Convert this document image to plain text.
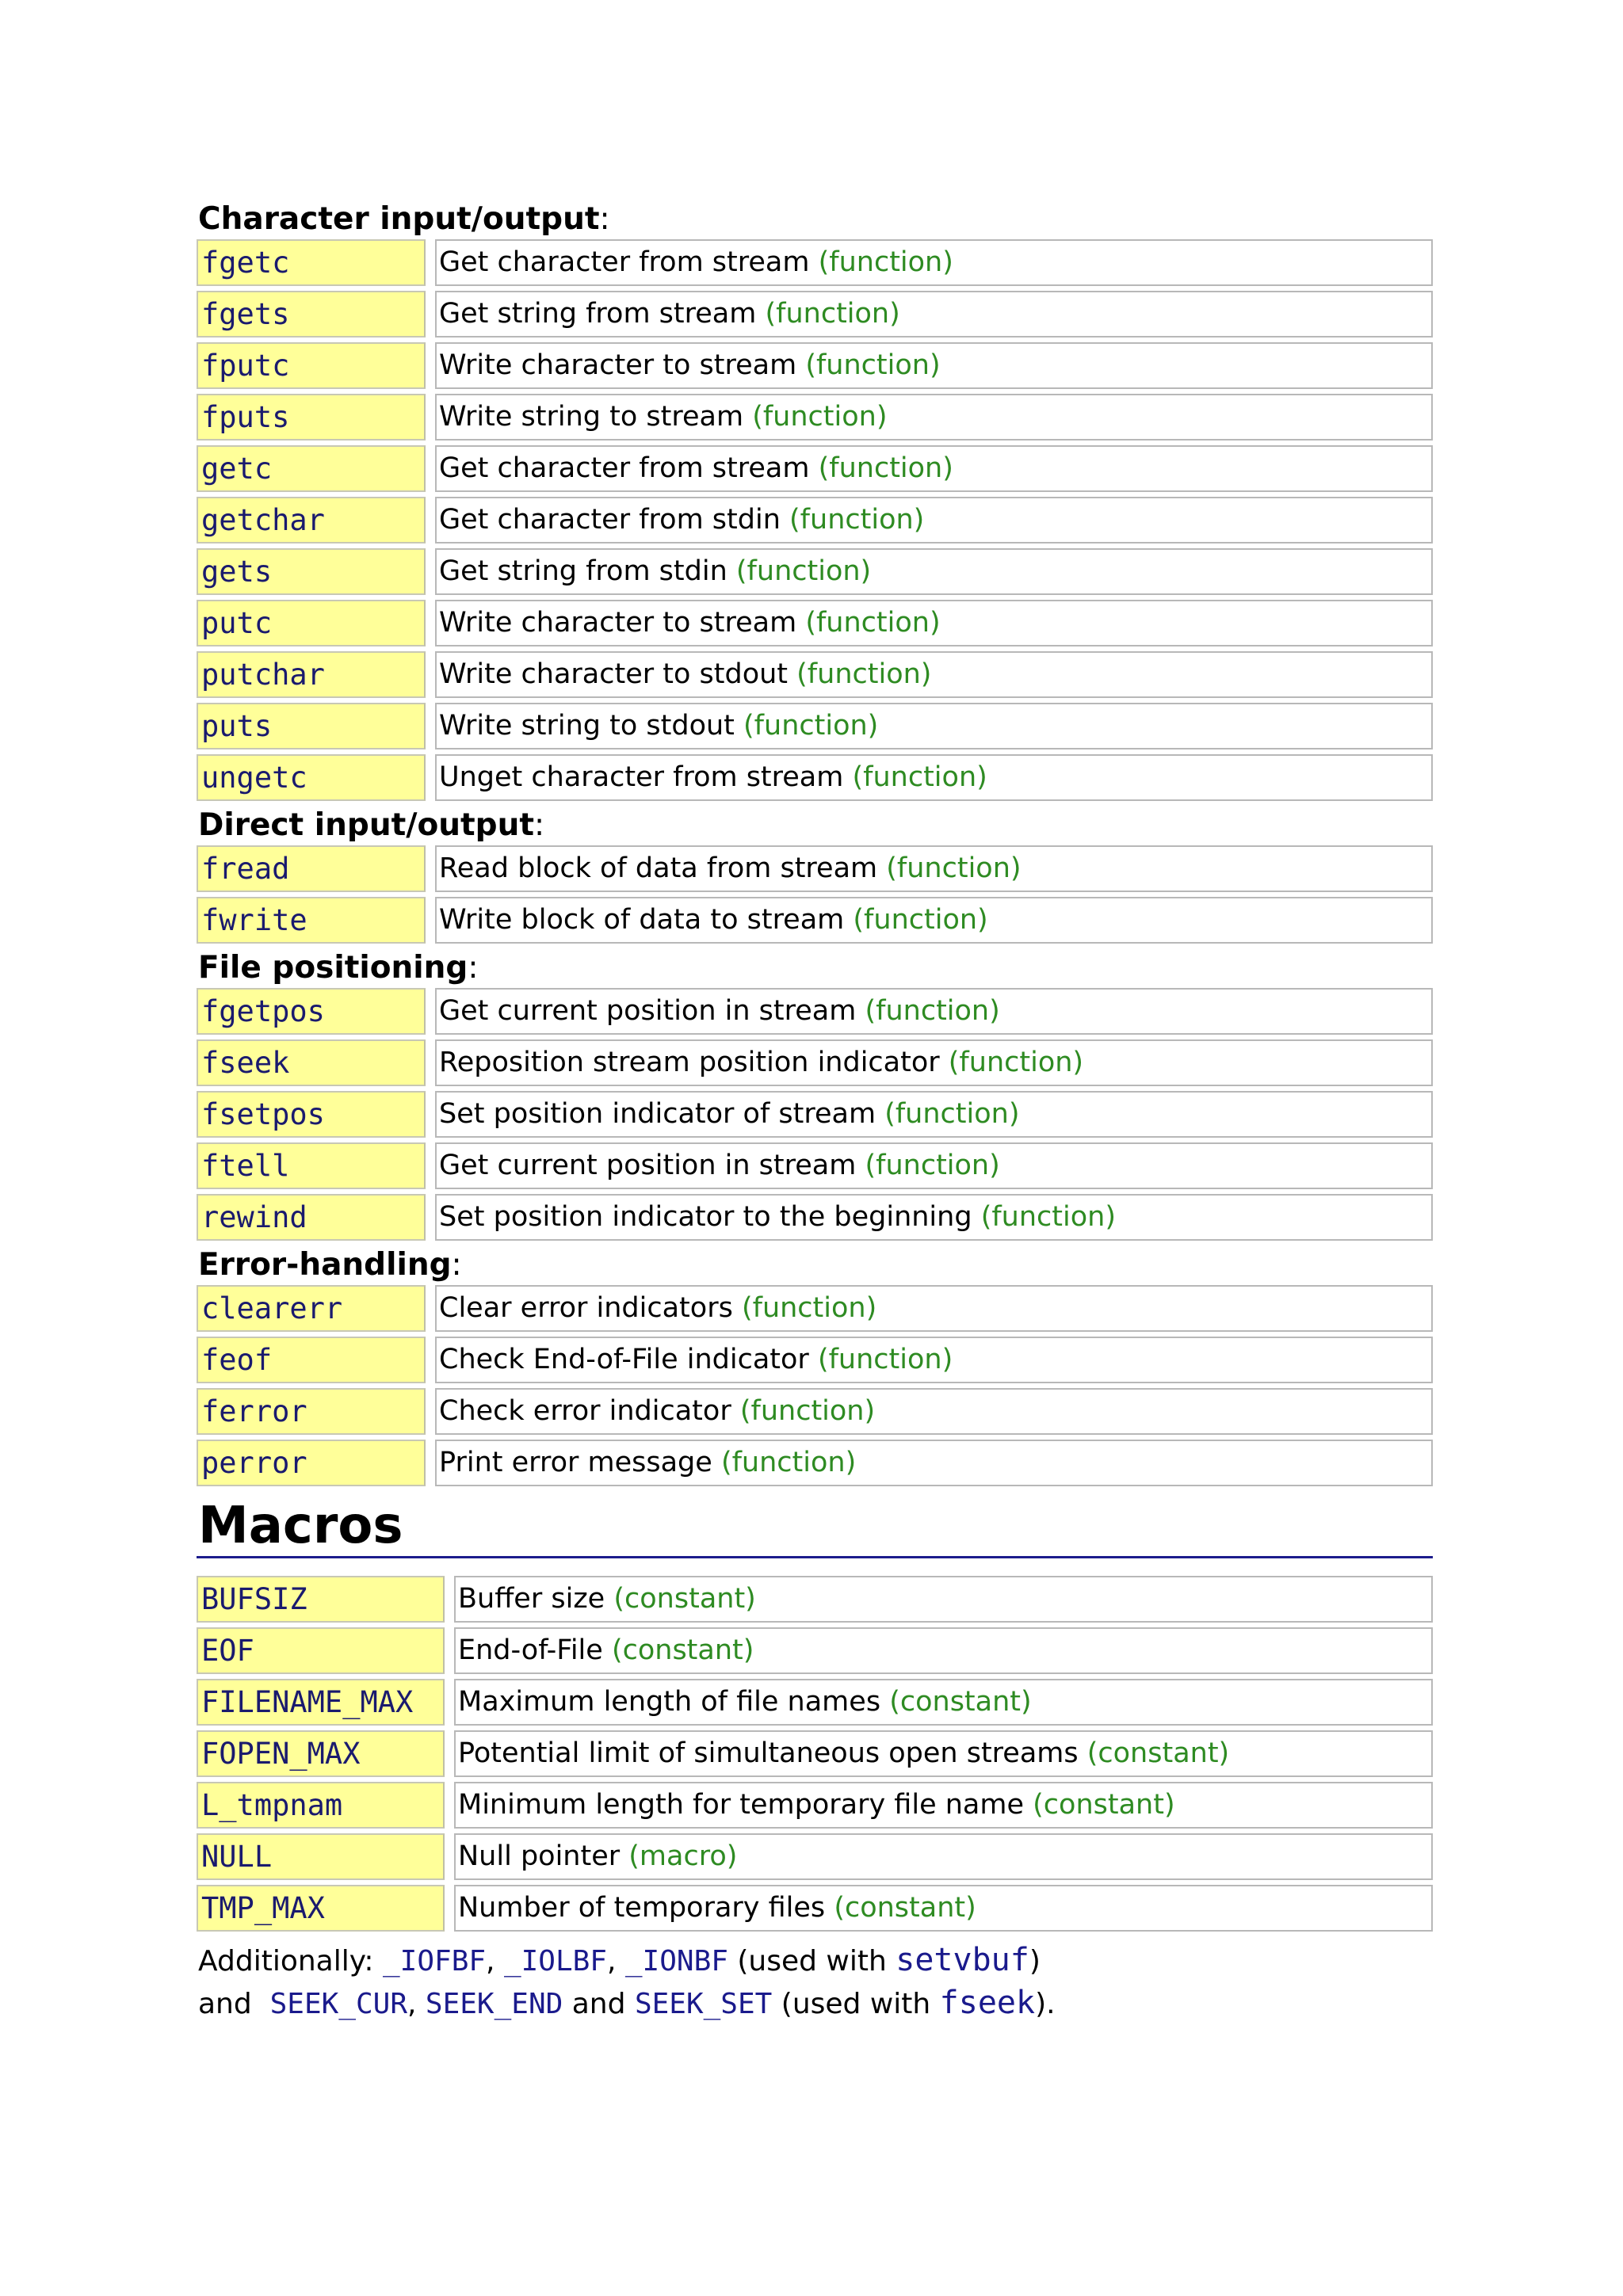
Character input/output:
fgetc	Get character from stream (function)
fgets	Get string from stream (function)
fputc	Write character to stream (function)
fputs	Write string to stream (function)
getc	Get character from stream (function)
getchar	Get character from stdin (function)
gets	Get string from stdin (function)
putc	Write character to stream (function)
putchar	Write character to stdout (function)
puts	Write string to stdout (function)
ungetc	Unget character from stream (function)
Direct input/output:
fread	Read block of data from stream (function)
fwrite	Write block of data to stream (function)
File positioning:
fgetpos	Get current position in stream (function)
fseek	Reposition stream position indicator (function)
fsetpos	Set position indicator of stream (function)
ftell	Get current position in stream (function)
rewind	Set position indicator to the beginning (function)
Error-handling:
clearerr	Clear error indicators (function)
feof	Check End-of-File indicator (function)
ferror	Check error indicator (function)
perror	Print error message (function)
Macros
BUFSIZ	Buffer size (constant)
EOF	End-of-File (constant)
FILENAME_MAX	Maximum length of file names (constant)
FOPEN_MAX	Potential limit of simultaneous open streams (constant)
L_tmpnam	Minimum length for temporary file name (constant)
NULL	Null pointer (macro)
TMP_MAX	Number of temporary files (constant)
Additionally: _IOFBF, _IOLBF, _IONBF (used with setvbuf)
and SEEK_CUR, SEEK_END and SEEK_SET (used with fseek).
